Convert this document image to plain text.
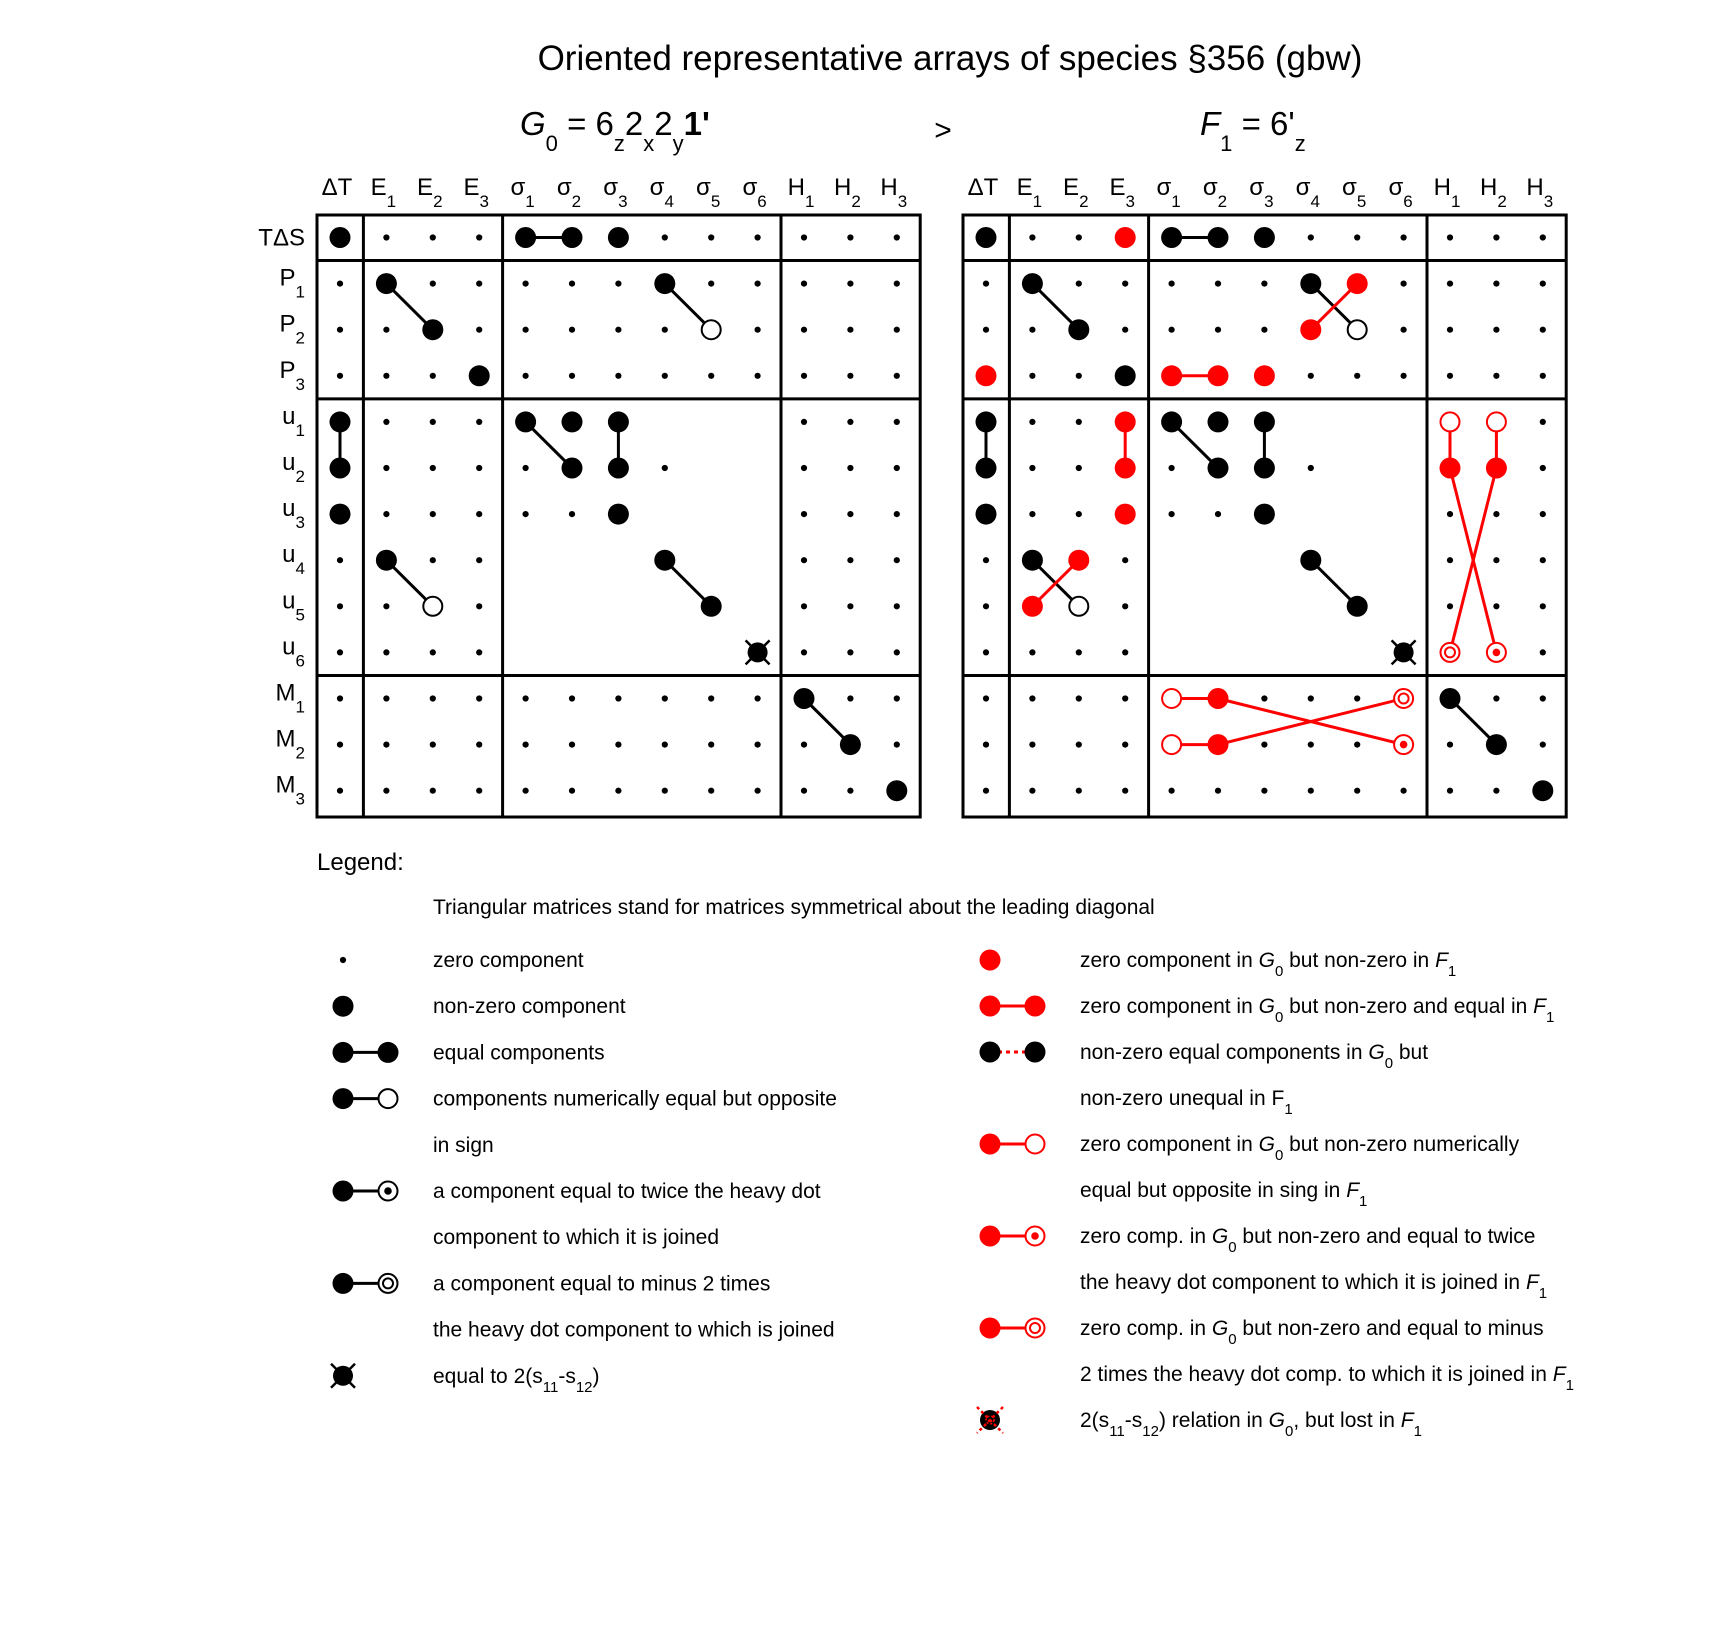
Oriented representative arrays of species §356 (gbw)
$G_0 = 6_z2_x2_y1'$	>	$F_1 = 6'_z$
ΔT $E_1$
$E_2$
$E_3$
$\sigma_1$
$\sigma_2$
$\sigma_3$
$\sigma_4$
$\sigma_5$
$\sigma_6$
$H_1$
$H_2$
$H_3$
TΔS
$P_1$
$P_2$
$P_3$
$u_1$
$u_2$
$u_3$
$u_4$
$u_5$
$u_6$
$M_1$
$M_2$
$M_3$
ΔT $E_1$
$E_2$
$E_3$
$\sigma_1$
$\sigma_2$
$\sigma_3$
$\sigma_4$
$\sigma_5$
$\sigma_6$
$H_1$
$H_2$
$H_3$
Legend:
Triangular matrices stand for matrices symmetrical about the leading diagonal
zero component
non-zero component
equal components
components numerically equal but opposite
in sign
a component equal to twice the heavy dot
component to which it is joined
a component equal to minus 2 times
the heavy dot component to which is joined
equal to $2(s_{11}-s_{12})$
zero component in $G_0$ but non-zero in $F_1$
zero component in $G_0$ but non-zero and equal in $F_1$
non-zero equal components in $G_0$ but
non-zero unequal in $F_1$
zero component in $G_0$ but non-zero numerically
equal but opposite in sing in $F_1$
zero comp. in $G_0$ but non-zero and equal to twice
the heavy dot component to which it is joined in $F_1$
zero comp. in $G_0$ but non-zero and equal to minus
2 times the heavy dot comp. to which it is joined in $F_1$
$2(s_{11}-s_{12})$ relation in $G_0$, but lost in $F_1$
